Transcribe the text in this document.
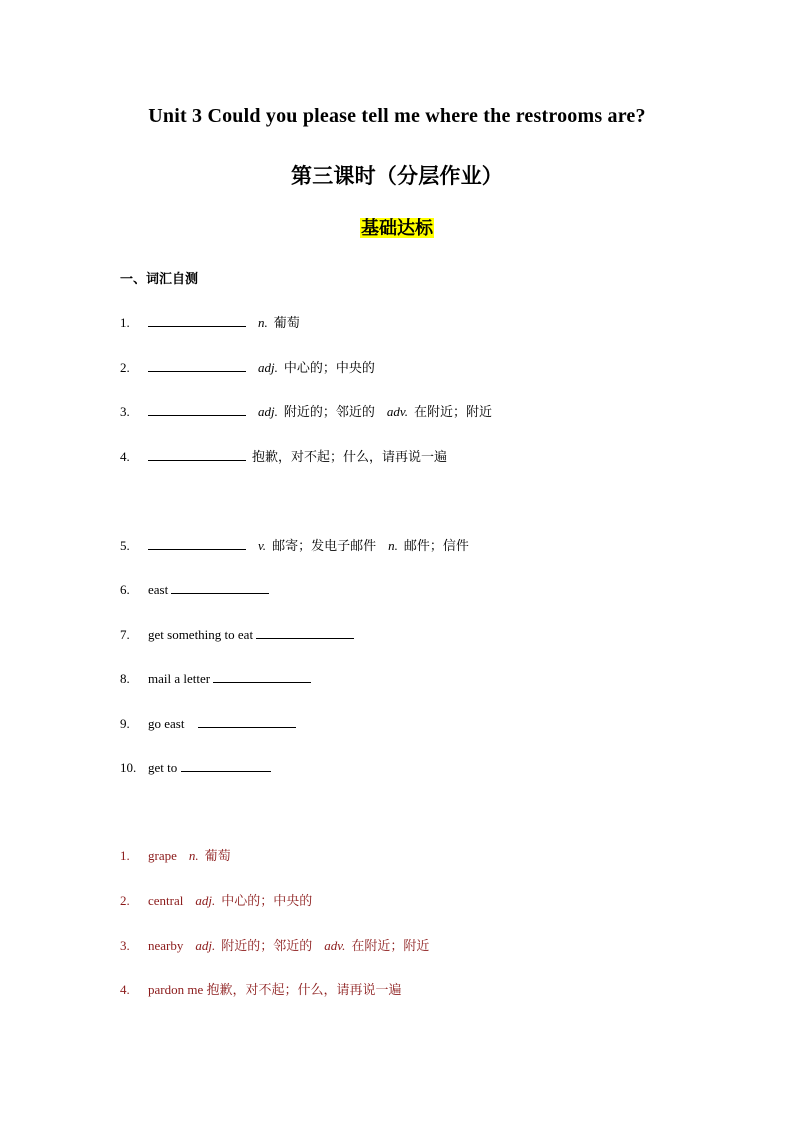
Unit 3 Could you please tell me where the restrooms are?
第三课时（分层作业）
基础达标
一、词汇自测
1.	n. 葡萄
2.	adj. 中心的；中央的
3.	adj. 附近的；邻近的 adv. 在附近；附近
4.	抱歉，对不起；什么，请再说一遍
5.	v. 邮寄；发电子邮件 n. 邮件；信件
6. east
7. get something to eat
8. mail a letter
9. go east
10. get to
1. grape n. 葡萄
2. central adj. 中心的；中央的
3. nearby adj. 附近的；邻近的 adv. 在附近；附近
4. pardon me 抱歉，对不起；什么，请再说一遍
